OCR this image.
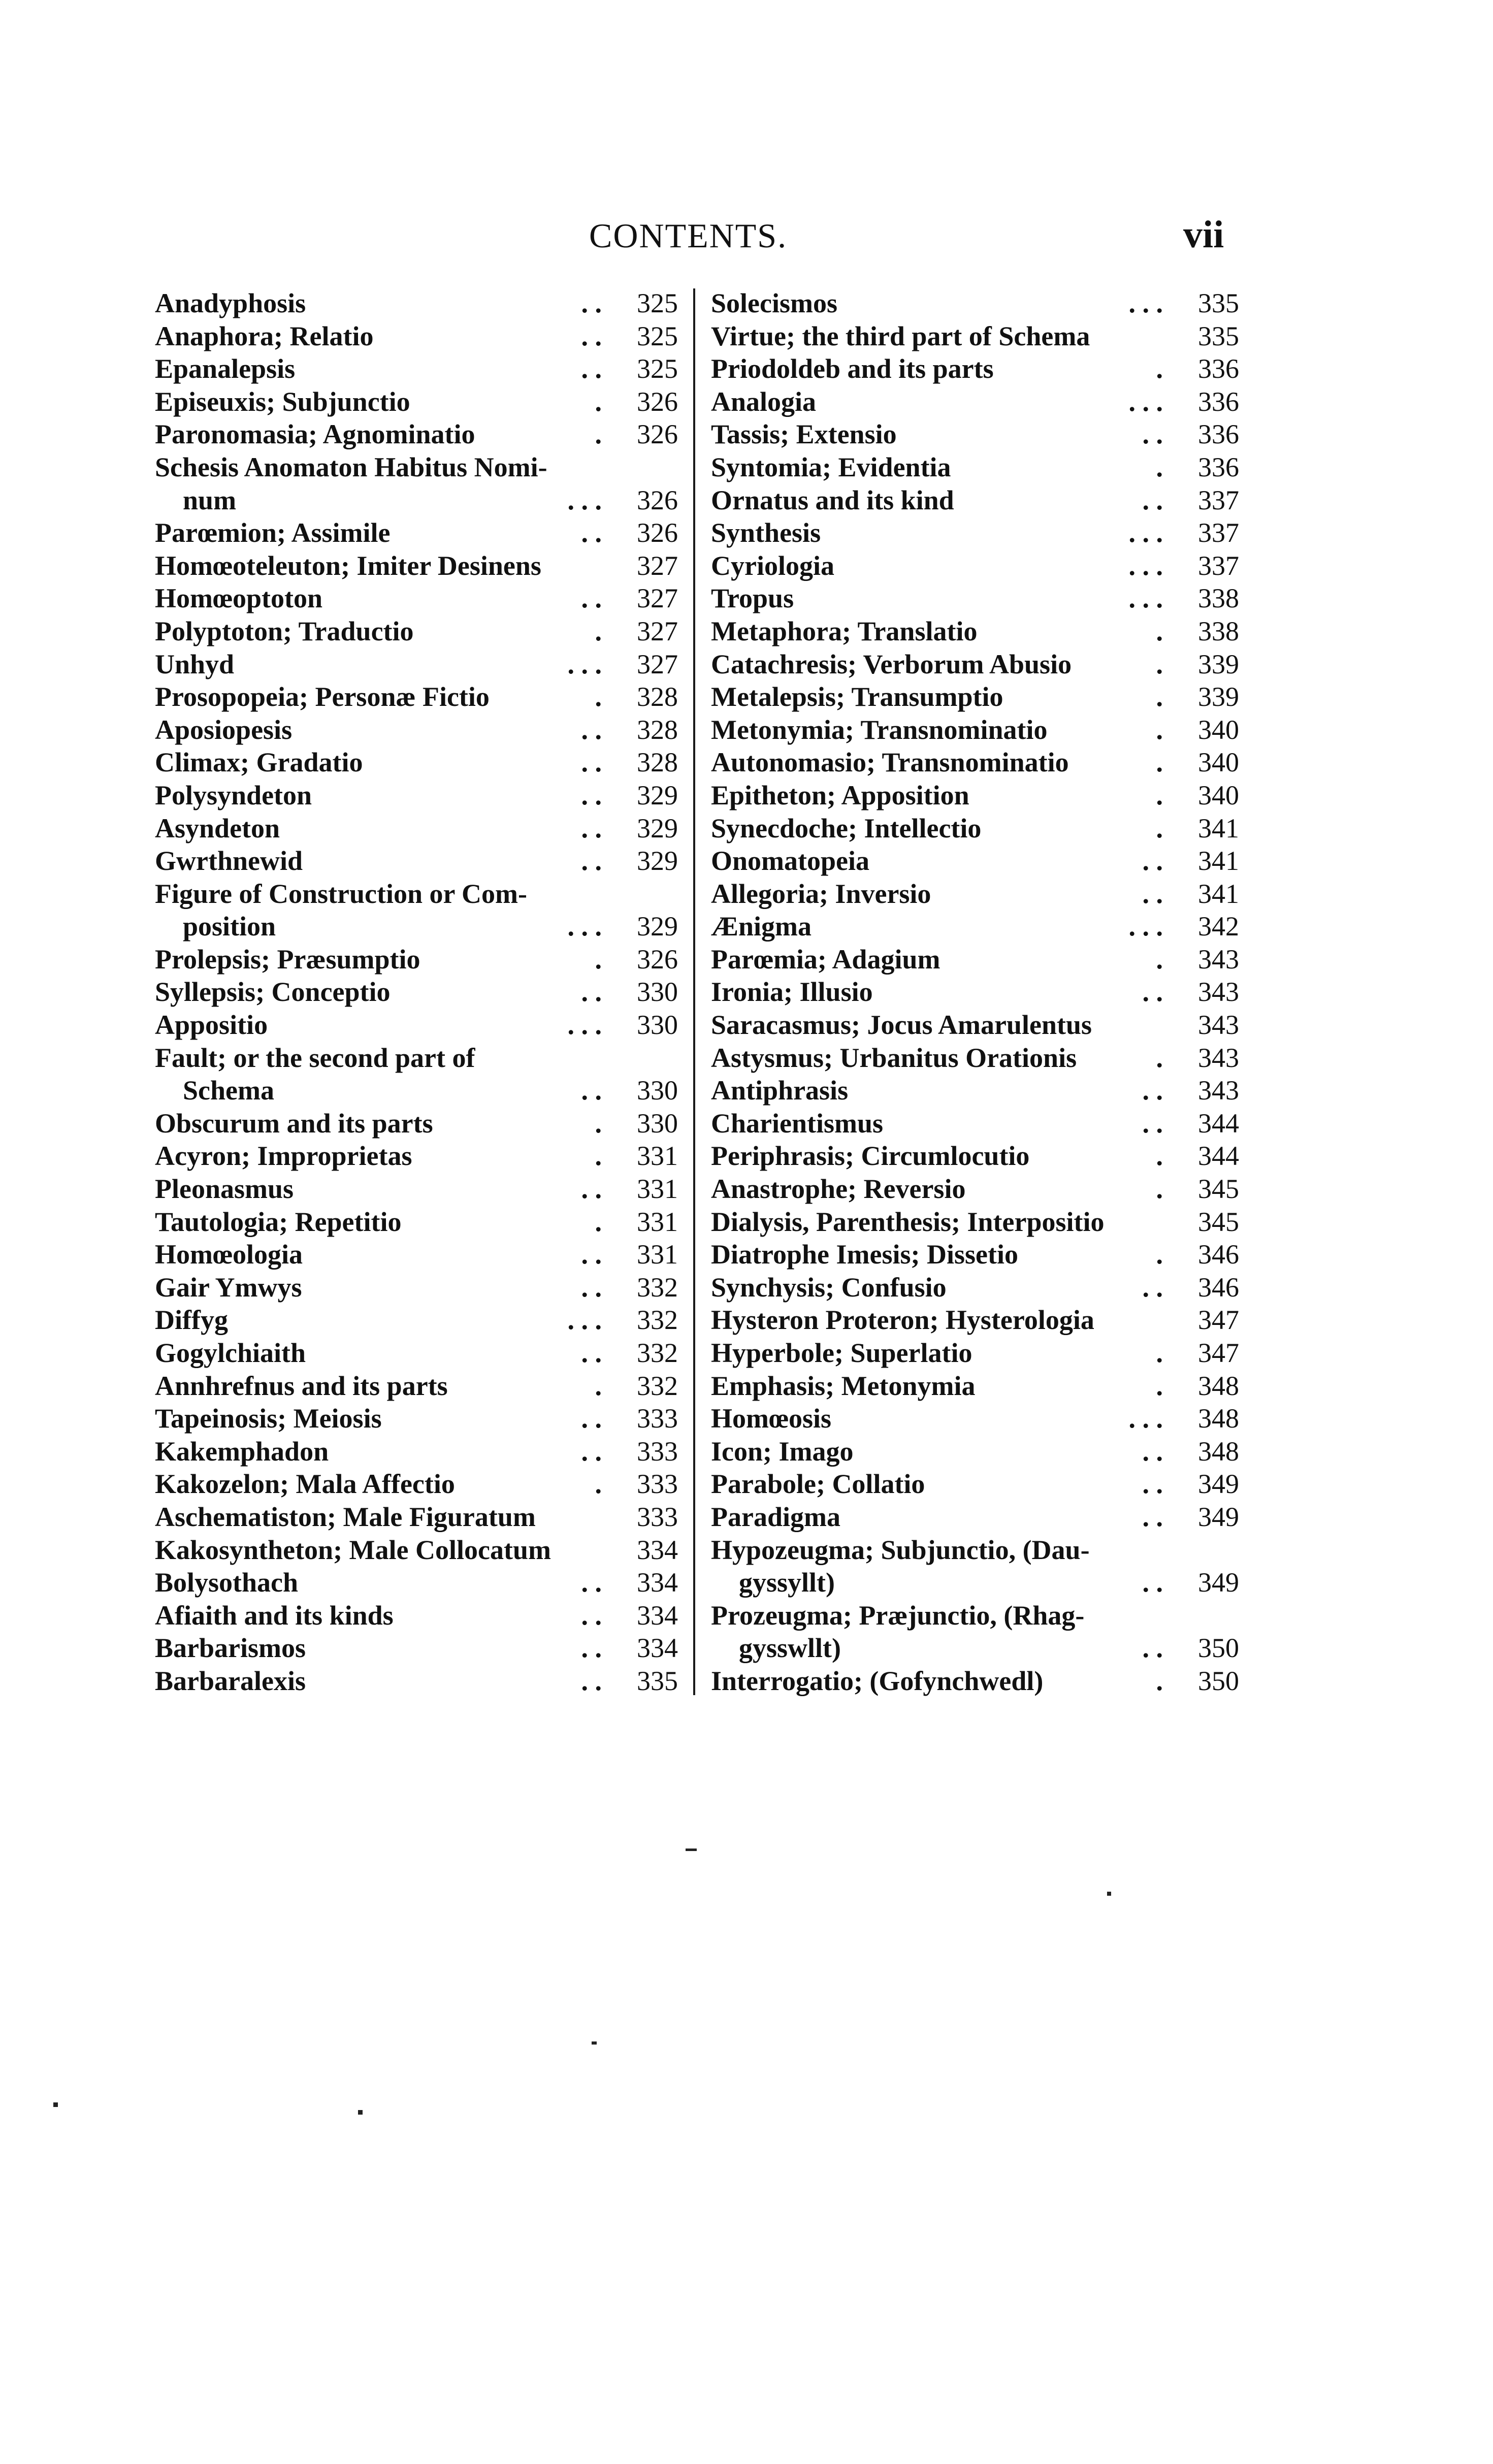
CONTENTS.	vii
Anadyphosis	. .	325
Anaphora; Relatio	. .	325
Epanalepsis	. .	325
Episeuxis; Subjunctio	.	326
Paronomasia; Agnominatio	.	326
Schesis Anomaton Habitus Nomi-
num	. . .	326
Parœmion; Assimile	. .	326
Homœoteleuton; Imiter Desinens	327
Homœoptoton	. .	327
Polyptoton; Traductio	.	327
Unhyd	. . .	327
Prosopopeia; Personæ Fictio	.	328
Aposiopesis	. .	328
Climax; Gradatio	. .	328
Polysyndeton	. .	329
Asyndeton	. .	329
Gwrthnewid	. .	329
Figure of Construction or Com-
position	. . .	329
Prolepsis; Præsumptio	.	326
Syllepsis; Conceptio	. .	330
Appositio	. . .	330
Fault; or the second part of
Schema	. .	330
Obscurum and its parts	.	330
Acyron; Improprietas	.	331
Pleonasmus	. .	331
Tautologia; Repetitio	.	331
Homœologia	. .	331
Gair Ymwys	. .	332
Diffyg	. . .	332
Gogylchiaith	. .	332
Annhrefnus and its parts	.	332
Tapeinosis; Meiosis	. .	333
Kakemphadon	. .	333
Kakozelon; Mala Affectio	.	333
Aschematiston; Male Figuratum	333
Kakosyntheton; Male Collocatum	334
Bolysothach	. .	334
Afiaith and its kinds	. .	334
Barbarismos	. .	334
Barbaralexis	. .	335
Solecismos	. . .	335
Virtue; the third part of Schema	335
Priodoldeb and its parts	.	336
Analogia	. . .	336
Tassis; Extensio	. .	336
Syntomia; Evidentia	.	336
Ornatus and its kind	. .	337
Synthesis	. . .	337
Cyriologia	. . .	337
Tropus	. . .	338
Metaphora; Translatio	.	338
Catachresis; Verborum Abusio	.	339
Metalepsis; Transumptio	.	339
Metonymia; Transnominatio	.	340
Autonomasio; Transnominatio	.	340
Epitheton; Apposition	.	340
Synecdoche; Intellectio	.	341
Onomatopeia	. .	341
Allegoria; Inversio	. .	341
Ænigma	. . .	342
Parœmia; Adagium	.	343
Ironia; Illusio	. .	343
Saracasmus; Jocus Amarulentus	343
Astysmus; Urbanitus Orationis	.	343
Antiphrasis	. .	343
Charientismus	. .	344
Periphrasis; Circumlocutio	.	344
Anastrophe; Reversio	.	345
Dialysis, Parenthesis; Interpositio	345
Diatrophe Imesis; Dissetio	.	346
Synchysis; Confusio	. .	346
Hysteron Proteron; Hysterologia	347
Hyperbole; Superlatio	.	347
Emphasis; Metonymia	.	348
Homœosis	. . .	348
Icon; Imago	. .	348
Parabole; Collatio	. .	349
Paradigma	. .	349
Hypozeugma; Subjunctio, (Dau-
gyssyllt)	. .	349
Prozeugma; Præjunctio, (Rhag-
gysswllt)	. .	350
Interrogatio; (Gofynchwedl)	.	350
